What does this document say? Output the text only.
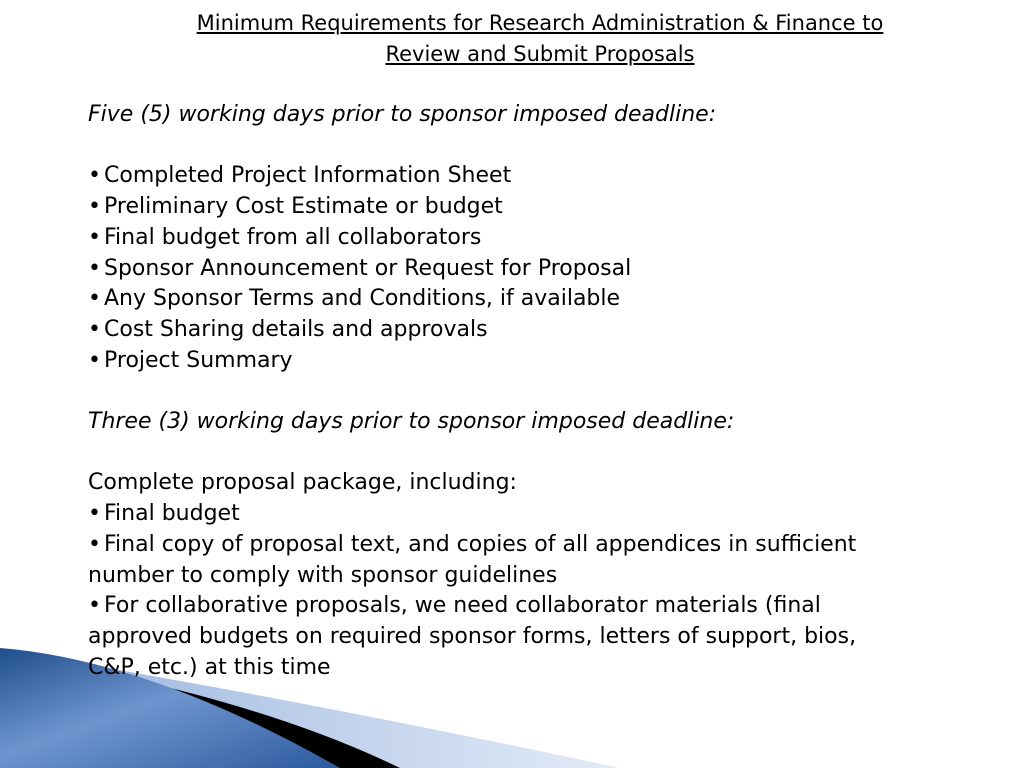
Minimum Requirements for Research Administration & Finance to
Review and Submit Proposals

Five (5) working days prior to sponsor imposed deadline:

• Completed Project Information Sheet

• Preliminary Cost Estimate or budget

• Final budget from all collaborators

• Sponsor Announcement or Request for Proposal

• Any Sponsor Terms and Conditions, if available

• Cost Sharing details and approvals

• Project Summary

Three (3) working days prior to sponsor imposed deadline:

Complete proposal package, including:

• Final budget

• Final copy of proposal text, and copies of all appendices in sufficient

number to comply with sponsor guidelines

• For collaborative proposals, we need collaborator materials (final

approved budgets on required sponsor forms, letters of support, bios,

C&P, etc.) at this time
